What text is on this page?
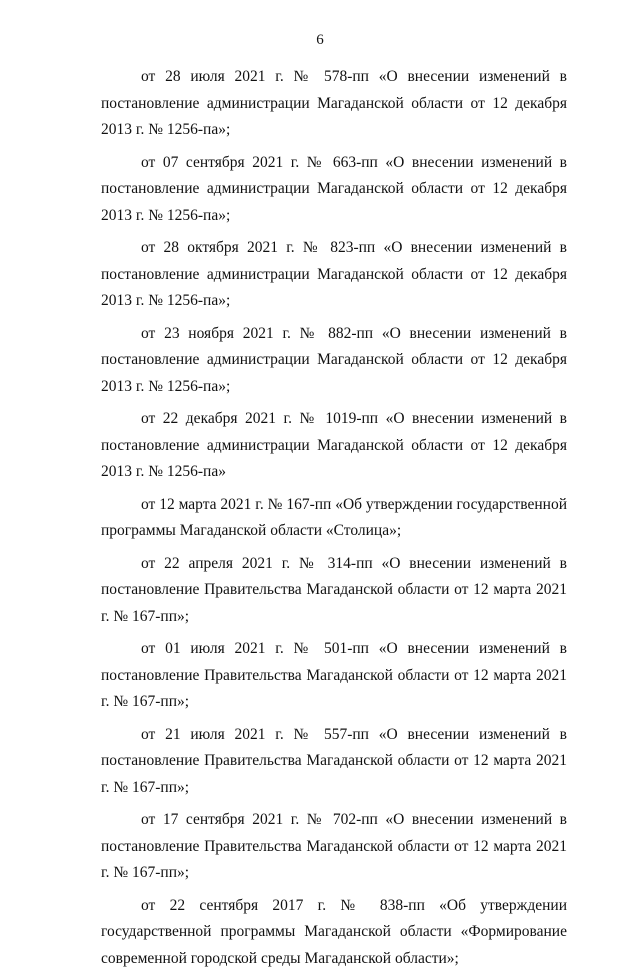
6

от 28 июля 2021 г. № 578-пп «О внесении изменений в постановление администрации Магаданской области от 12 декабря 2013 г. № 1256-па»;

от 07 сентября 2021 г. № 663-пп «О внесении изменений в постановление администрации Магаданской области от 12 декабря 2013 г. № 1256-па»;

от 28 октября 2021 г. № 823-пп «О внесении изменений в постановление администрации Магаданской области от 12 декабря 2013 г. № 1256-па»;

от 23 ноября 2021 г. № 882-пп «О внесении изменений в постановление администрации Магаданской области от 12 декабря 2013 г. № 1256-па»;

от 22 декабря 2021 г. № 1019-пп «О внесении изменений в постановление администрации Магаданской области от 12 декабря 2013 г. № 1256-па»

от 12 марта 2021 г. № 167-пп «Об утверждении государственной программы Магаданской области «Столица»;

от 22 апреля 2021 г. № 314-пп «О внесении изменений в постановление Правительства Магаданской области от 12 марта 2021 г. № 167-пп»;

от 01 июля 2021 г. № 501-пп «О внесении изменений в постановление Правительства Магаданской области от 12 марта 2021 г. № 167-пп»;

от 21 июля 2021 г. № 557-пп «О внесении изменений в постановление Правительства Магаданской области от 12 марта 2021 г. № 167-пп»;

от 17 сентября 2021 г. № 702-пп «О внесении изменений в постановление Правительства Магаданской области от 12 марта 2021 г. № 167-пп»;

от 22 сентября 2017 г. № 838-пп «Об утверждении государственной программы Магаданской области «Формирование современной городской среды Магаданской области»;
